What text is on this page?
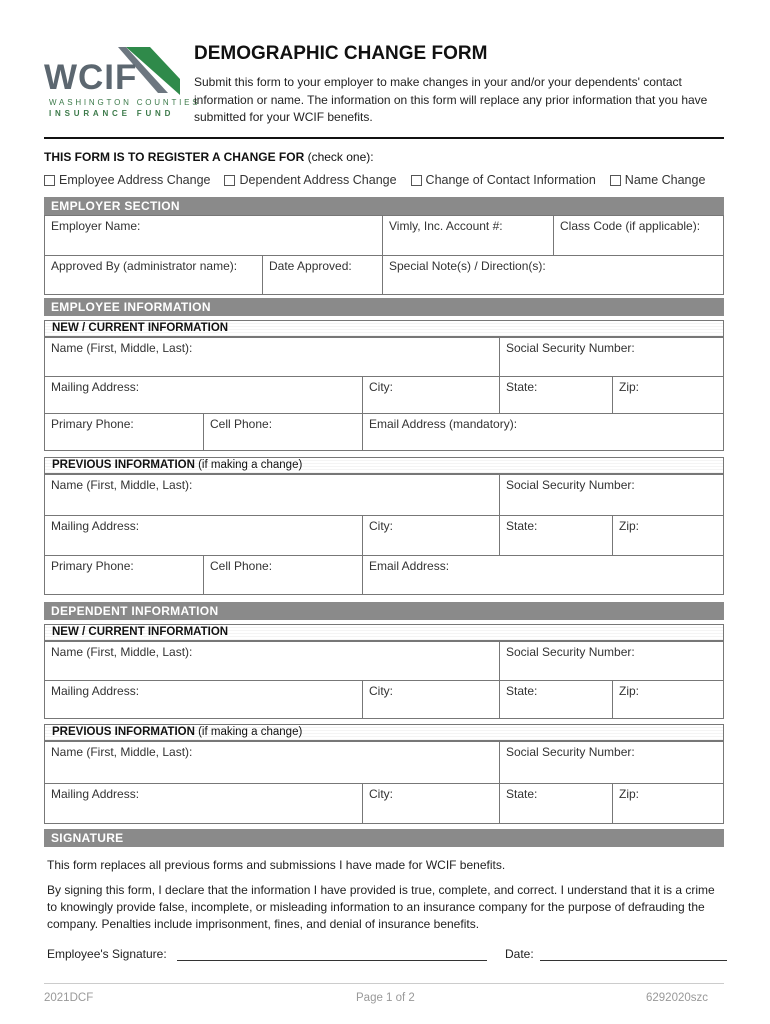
WCIF
WASHINGTON COUNTIES
INSURANCE FUND
DEMOGRAPHIC CHANGE FORM
Submit this form to your employer to make changes in your and/or your dependents' contact information or name. The information on this form will replace any prior information that you have submitted for your WCIF benefits.
THIS FORM IS TO REGISTER A CHANGE FOR (check one):
Employee Address Change Dependent Address Change Change of Contact Information Name Change
EMPLOYER SECTION
Employer Name:	Vimly, Inc. Account #:	Class Code (if applicable):
Approved By (administrator name):	Date Approved:	Special Note(s) / Direction(s):
EMPLOYEE INFORMATION
NEW / CURRENT INFORMATION
Name (First, Middle, Last):	Social Security Number:
Mailing Address:	City:	State:	Zip:
Primary Phone:	Cell Phone:	Email Address (mandatory):
PREVIOUS INFORMATION (if making a change)
Name (First, Middle, Last):	Social Security Number:
Mailing Address:	City:	State:	Zip:
Primary Phone:	Cell Phone:	Email Address:
DEPENDENT INFORMATION
NEW / CURRENT INFORMATION
Name (First, Middle, Last):	Social Security Number:
Mailing Address:	City:	State:	Zip:
PREVIOUS INFORMATION (if making a change)
Name (First, Middle, Last):	Social Security Number:
Mailing Address:	City:	State:	Zip:
SIGNATURE
This form replaces all previous forms and submissions I have made for WCIF benefits.
By signing this form, I declare that the information I have provided is true, complete, and correct. I understand that it is a crime to knowingly provide false, incomplete, or misleading information to an insurance company for the purpose of defrauding the company. Penalties include imprisonment, fines, and denial of insurance benefits.
Employee's Signature:	Date:
2021DCF	Page 1 of 2	6292020szc
